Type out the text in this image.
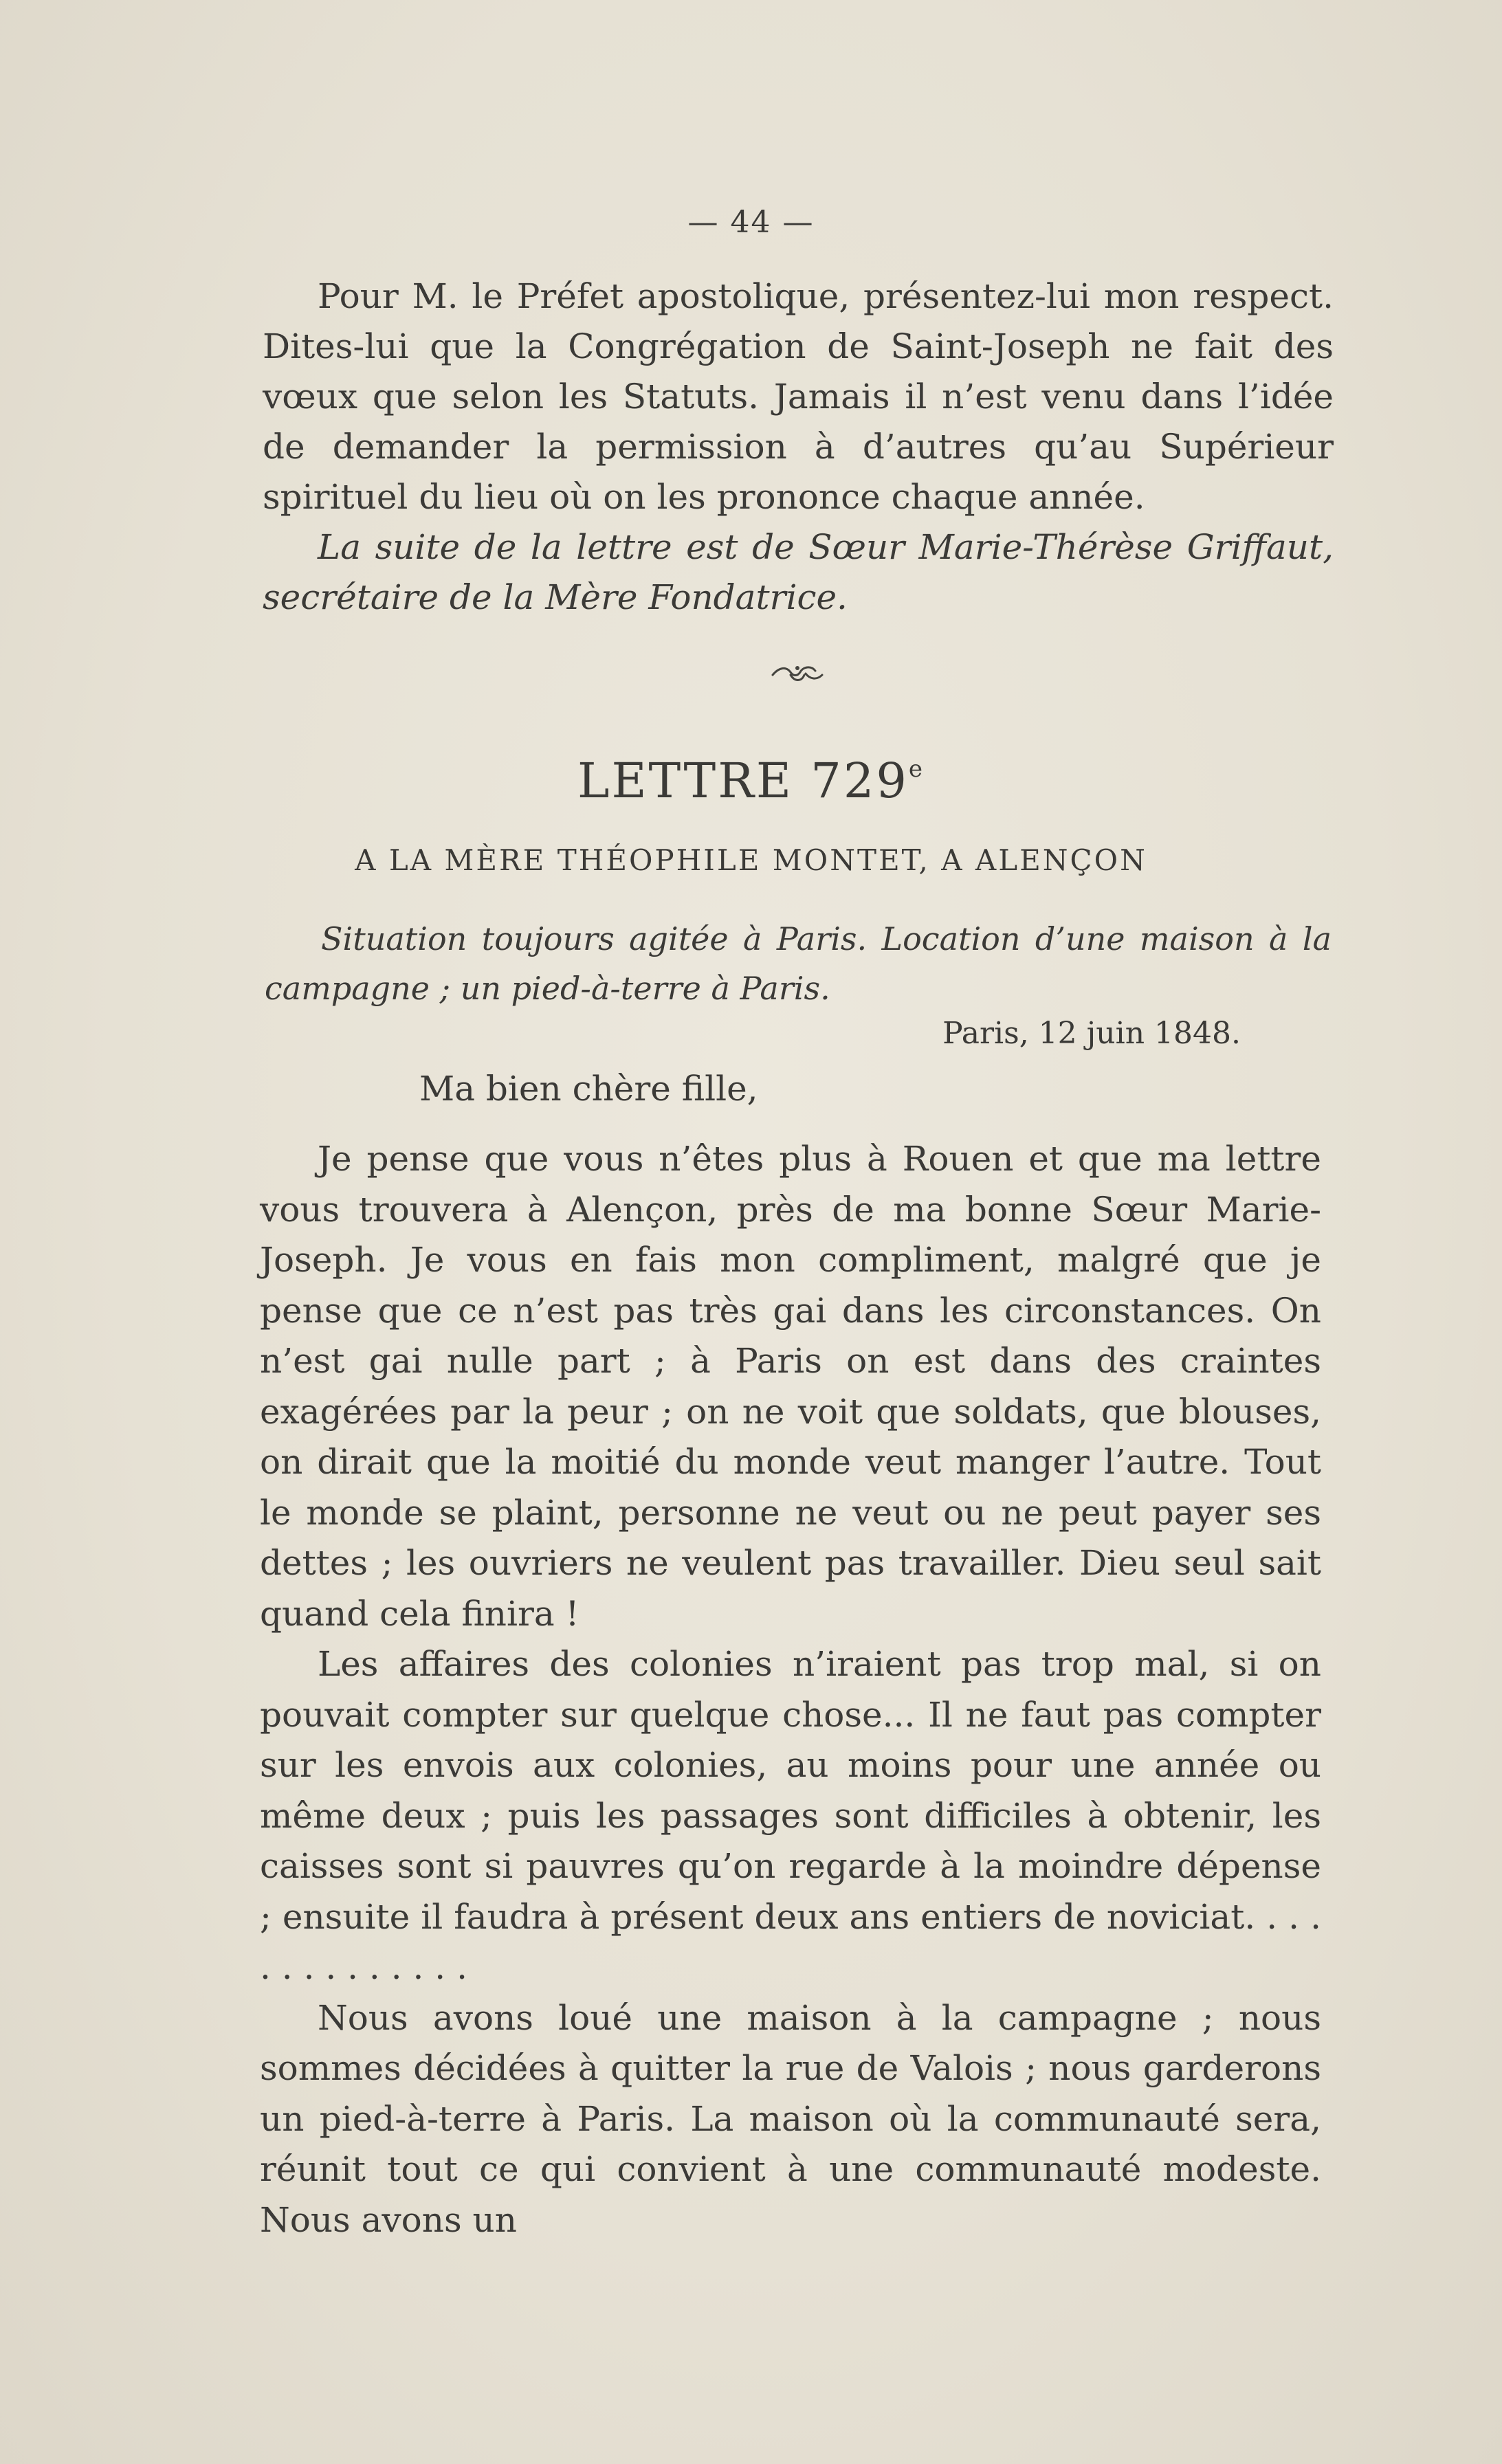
— 44 —

Pour M. le Préfet apostolique, présentez-lui mon respect. Dites-lui que la Congrégation de Saint-Joseph ne fait des vœux que selon les Statuts. Jamais il n’est venu dans l’idée de demander la permission à d’autres qu’au Supérieur spirituel du lieu où on les prononce chaque année.

La suite de la lettre est de Sœur Marie-Thérèse Griffaut, secrétaire de la Mère Fondatrice.

LETTRE 729e
A LA MÈRE THÉOPHILE MONTET, A ALENÇON

Situation toujours agitée à Paris. Location d’une maison à la campagne ; un pied-à-terre à Paris.

Paris, 12 juin 1848.
Ma bien chère fille,

Je pense que vous n’êtes plus à Rouen et que ma lettre vous trouvera à Alençon, près de ma bonne Sœur Marie-Joseph. Je vous en fais mon compliment, malgré que je pense que ce n’est pas très gai dans les circonstances. On n’est gai nulle part ; à Paris on est dans des craintes exagérées par la peur ; on ne voit que soldats, que blouses, on dirait que la moitié du monde veut manger l’autre. Tout le monde se plaint, personne ne veut ou ne peut payer ses dettes ; les ouvriers ne veulent pas travailler. Dieu seul sait quand cela finira !

Les affaires des colonies n’iraient pas trop mal, si on pouvait compter sur quelque chose... Il ne faut pas compter sur les envois aux colonies, au moins pour une année ou même deux ; puis les passages sont difficiles à obtenir, les caisses sont si pauvres qu’on regarde à la moindre dépense ; ensuite il faudra à présent deux ans entiers de noviciat. . . . . . . . . . . . . .

Nous avons loué une maison à la campagne ; nous sommes décidées à quitter la rue de Valois ; nous garderons un pied-à-terre à Paris. La maison où la communauté sera, réunit tout ce qui convient à une communauté modeste. Nous avons un
